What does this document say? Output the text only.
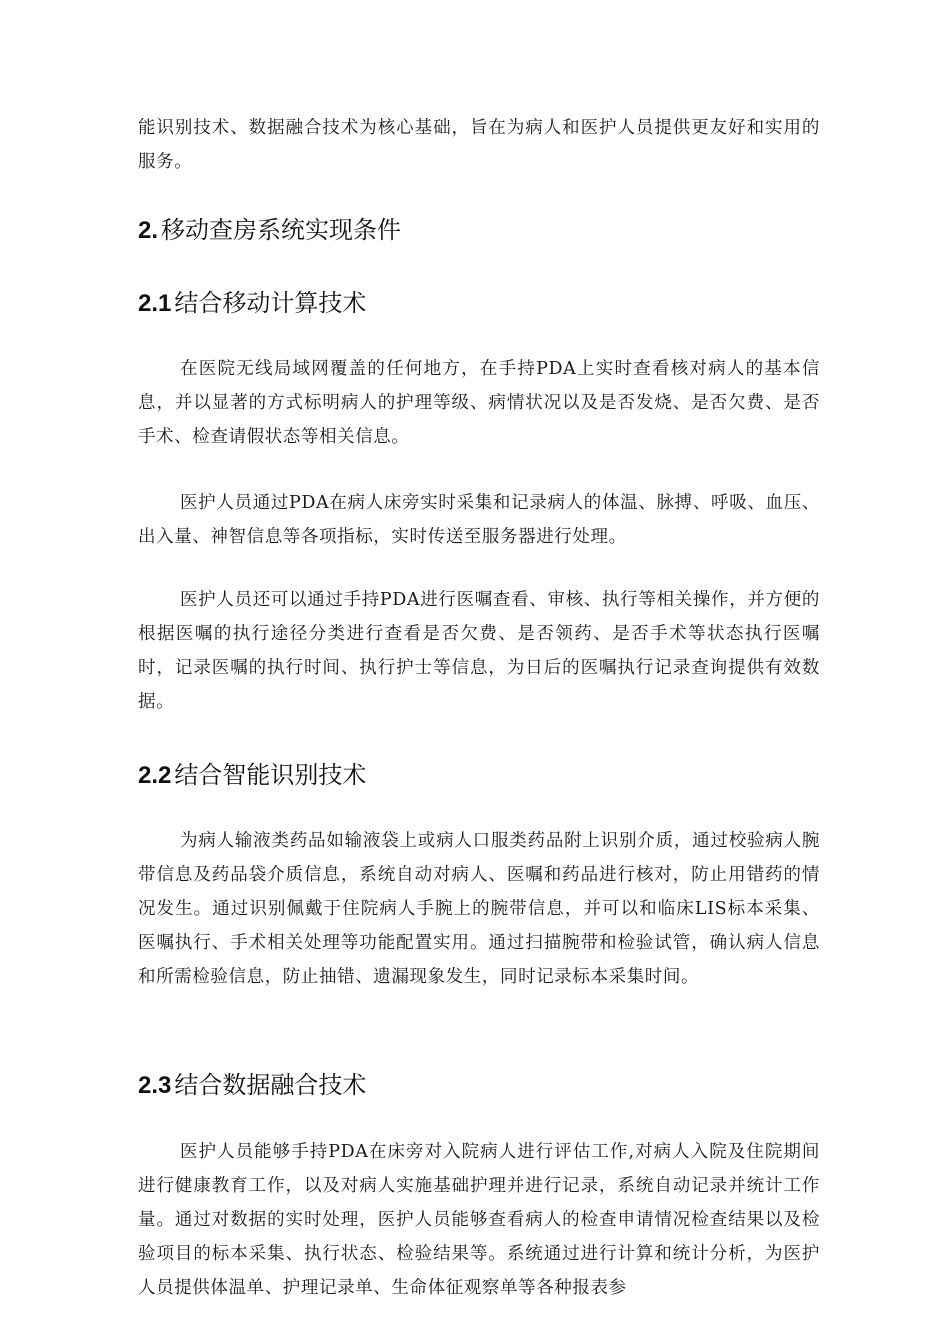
能识别技术、数据融合技术为核心基础，旨在为病人和医护人员提供更友好和实用的服务。

2. 移动查房系统实现条件
2.1 结合移动计算技术

在医院无线局域网覆盖的任何地方，在手持PDA上实时查看核对病人的基本信息，并以显著的方式标明病人的护理等级、病情状况以及是否发烧、是否欠费、是否手术、检查请假状态等相关信息。

医护人员通过PDA在病人床旁实时采集和记录病人的体温、脉搏、呼吸、血压、出入量、神智信息等各项指标，实时传送至服务器进行处理。

医护人员还可以通过手持PDA进行医嘱查看、审核、执行等相关操作，并方便的根据医嘱的执行途径分类进行查看是否欠费、是否领药、是否手术等状态执行医嘱时，记录医嘱的执行时间、执行护士等信息，为日后的医嘱执行记录查询提供有效数据。

2.2 结合智能识别技术

为病人输液类药品如输液袋上或病人口服类药品附上识别介质，通过校验病人腕带信息及药品袋介质信息，系统自动对病人、医嘱和药品进行核对，防止用错药的情况发生。通过识别佩戴于住院病人手腕上的腕带信息，并可以和临床LIS标本采集、医嘱执行、手术相关处理等功能配置实用。通过扫描腕带和检验试管，确认病人信息和所需检验信息，防止抽错、遗漏现象发生，同时记录标本采集时间。

2.3 结合数据融合技术

医护人员能够手持PDA在床旁对入院病人进行评估工作,对病人入院及住院期间进行健康教育工作，以及对病人实施基础护理并进行记录，系统自动记录并统计工作量。通过对数据的实时处理，医护人员能够查看病人的检查申请情况检查结果以及检验项目的标本采集、执行状态、检验结果等。系统通过进行计算和统计分析，为医护人员提供体温单、护理记录单、生命体征观察单等各种报表参
